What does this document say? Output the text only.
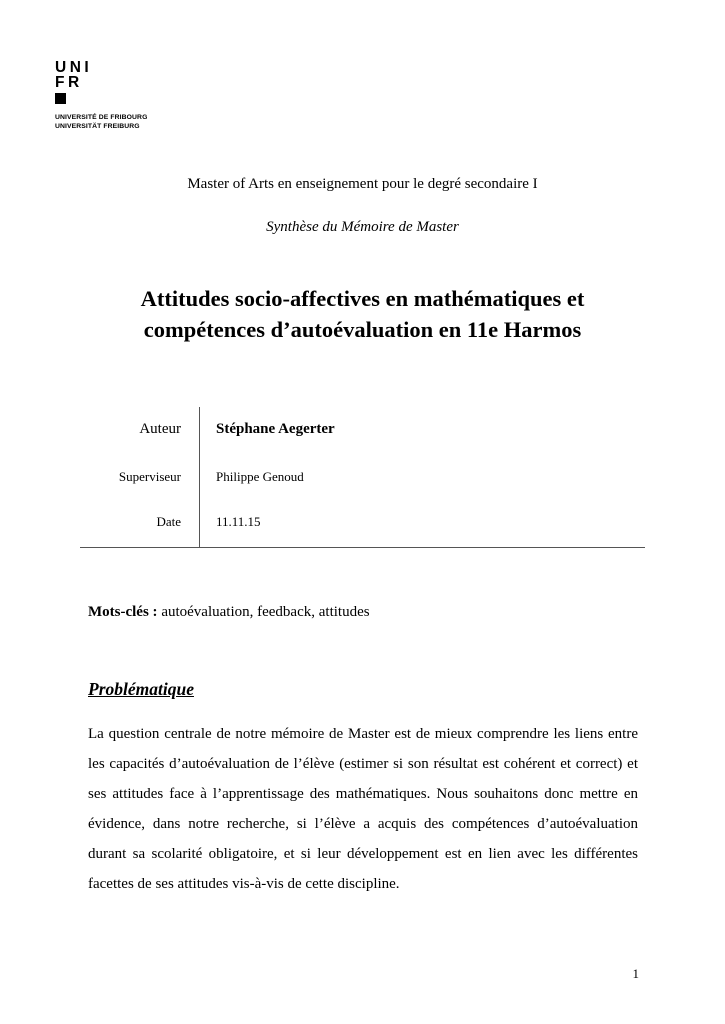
UNI
FR
UNIVERSITÉ DE FRIBOURG
UNIVERSITÄT FREIBURG
Master of Arts en enseignement pour le degré secondaire I
Synthèse du Mémoire de Master
Attitudes socio-affectives en mathématiques et
compétences d’autoévaluation en 11e Harmos
Auteur Stéphane Aegerter
Superviseur	Philippe Genoud
Date	11.11.15
Mots-clés : autoévaluation, feedback, attitudes
Problématique

La question centrale de notre mémoire de Master est de mieux comprendre les liens entre les capacités d’autoévaluation de l’élève (estimer si son résultat est cohérent et correct) et ses attitudes face à l’apprentissage des mathématiques. Nous souhaitons donc mettre en évidence, dans notre recherche, si l’élève a acquis des compétences d’autoévaluation durant sa scolarité obligatoire, et si leur développement est en lien avec les différentes facettes de ses attitudes vis-à-vis de cette discipline.

1
